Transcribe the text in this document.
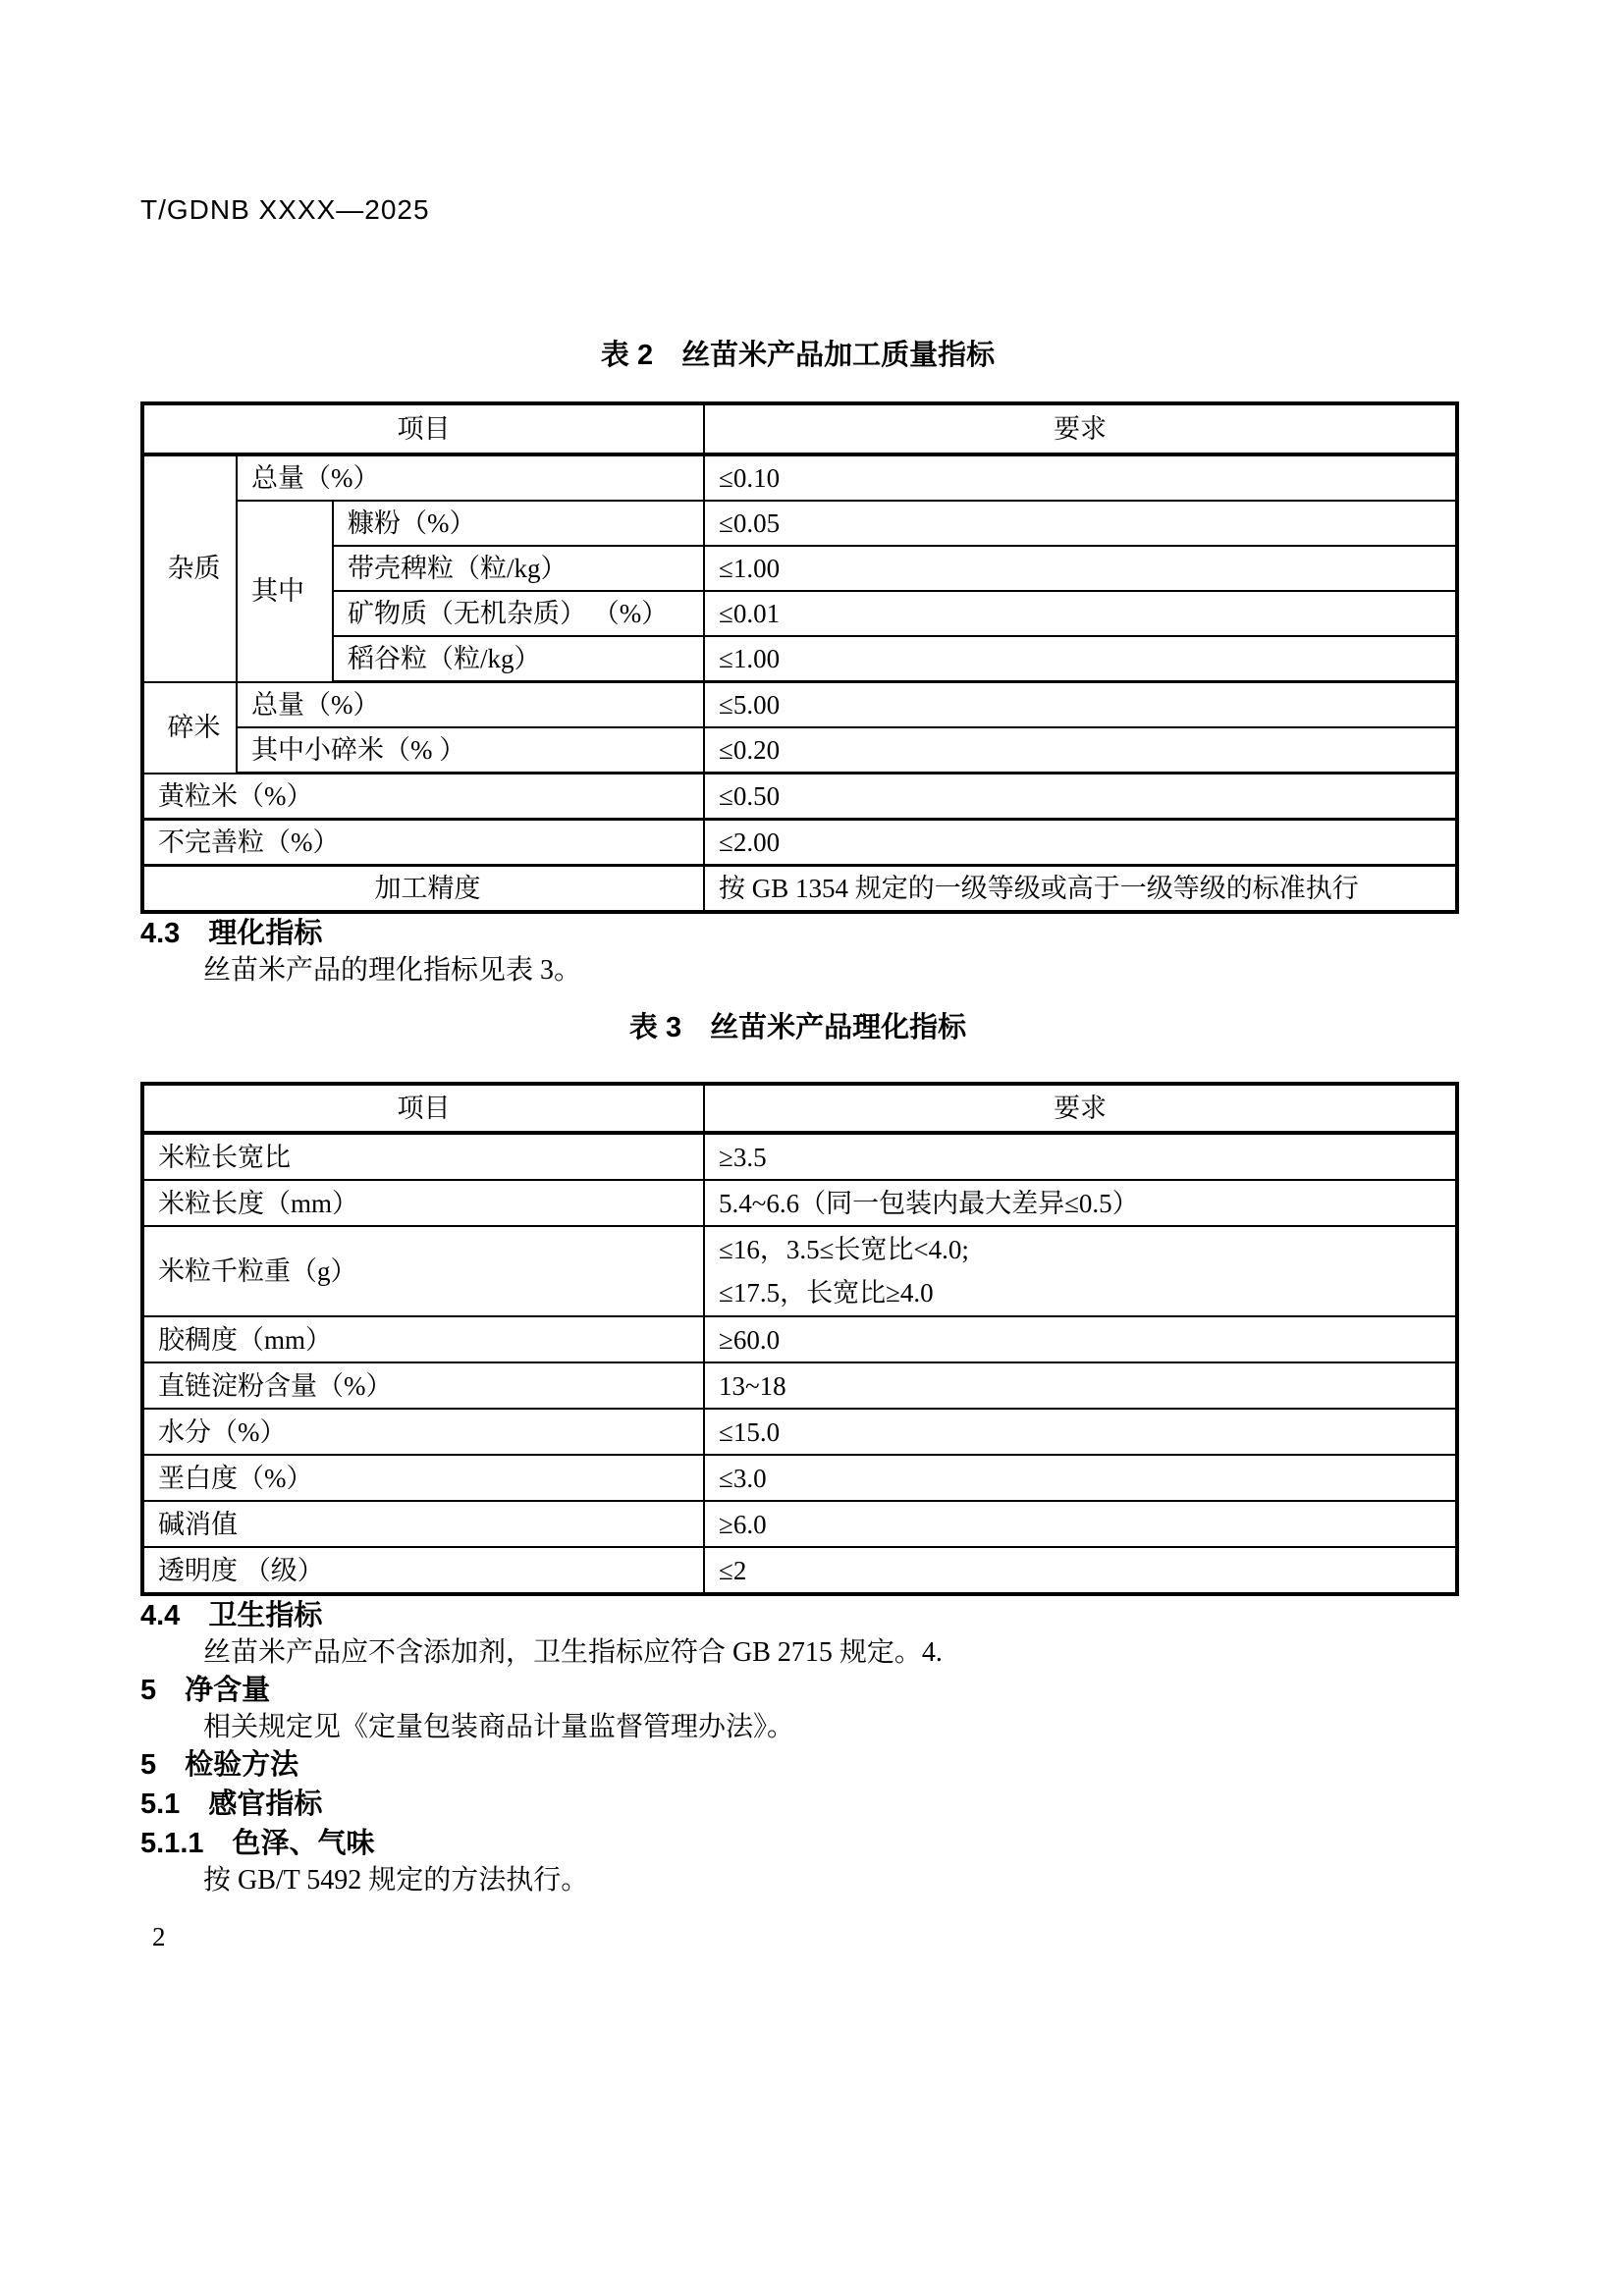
T/GDNB XXXX—2025
表 2　丝苗米产品加工质量指标
项目			要求
杂质	总量（%）		≤0.10
	其中	糠粉（%）	≤0.05
		带壳稗粒（粒/kg）	≤1.00
		矿物质（无机杂质） （%）	≤0.01
		稻谷粒（粒/kg）	≤1.00
碎米	总量（%）		≤5.00
	其中小碎米（% ）		≤0.20
黄粒米（%）			≤0.50
不完善粒（%）			≤2.00
加工精度			按 GB 1354 规定的一级等级或高于一级等级的标准执行
4.3　理化指标

丝苗米产品的理化指标见表 3。

表 3　丝苗米产品理化指标
项目	要求
米粒长宽比	≥3.5
米粒长度（mm）	5.4~6.6（同一包装内最大差异≤0.5）
米粒千粒重（g）	≤16，3.5≤长宽比<4.0;
≤17.5，长宽比≥4.0

胶稠度（mm）	≥60.0
直链淀粉含量（%）	13~18
水分（%）	≤15.0
垩白度（%）	≤3.0
碱消值	≥6.0
透明度 （级）	≤2
4.4　卫生指标

丝苗米产品应不含添加剂，卫生指标应符合 GB 2715 规定。4.

5　净含量

相关规定见《定量包装商品计量监督管理办法》。

5　检验方法
5.1　感官指标
5.1.1　色泽、气味

按 GB/T 5492 规定的方法执行。

2
